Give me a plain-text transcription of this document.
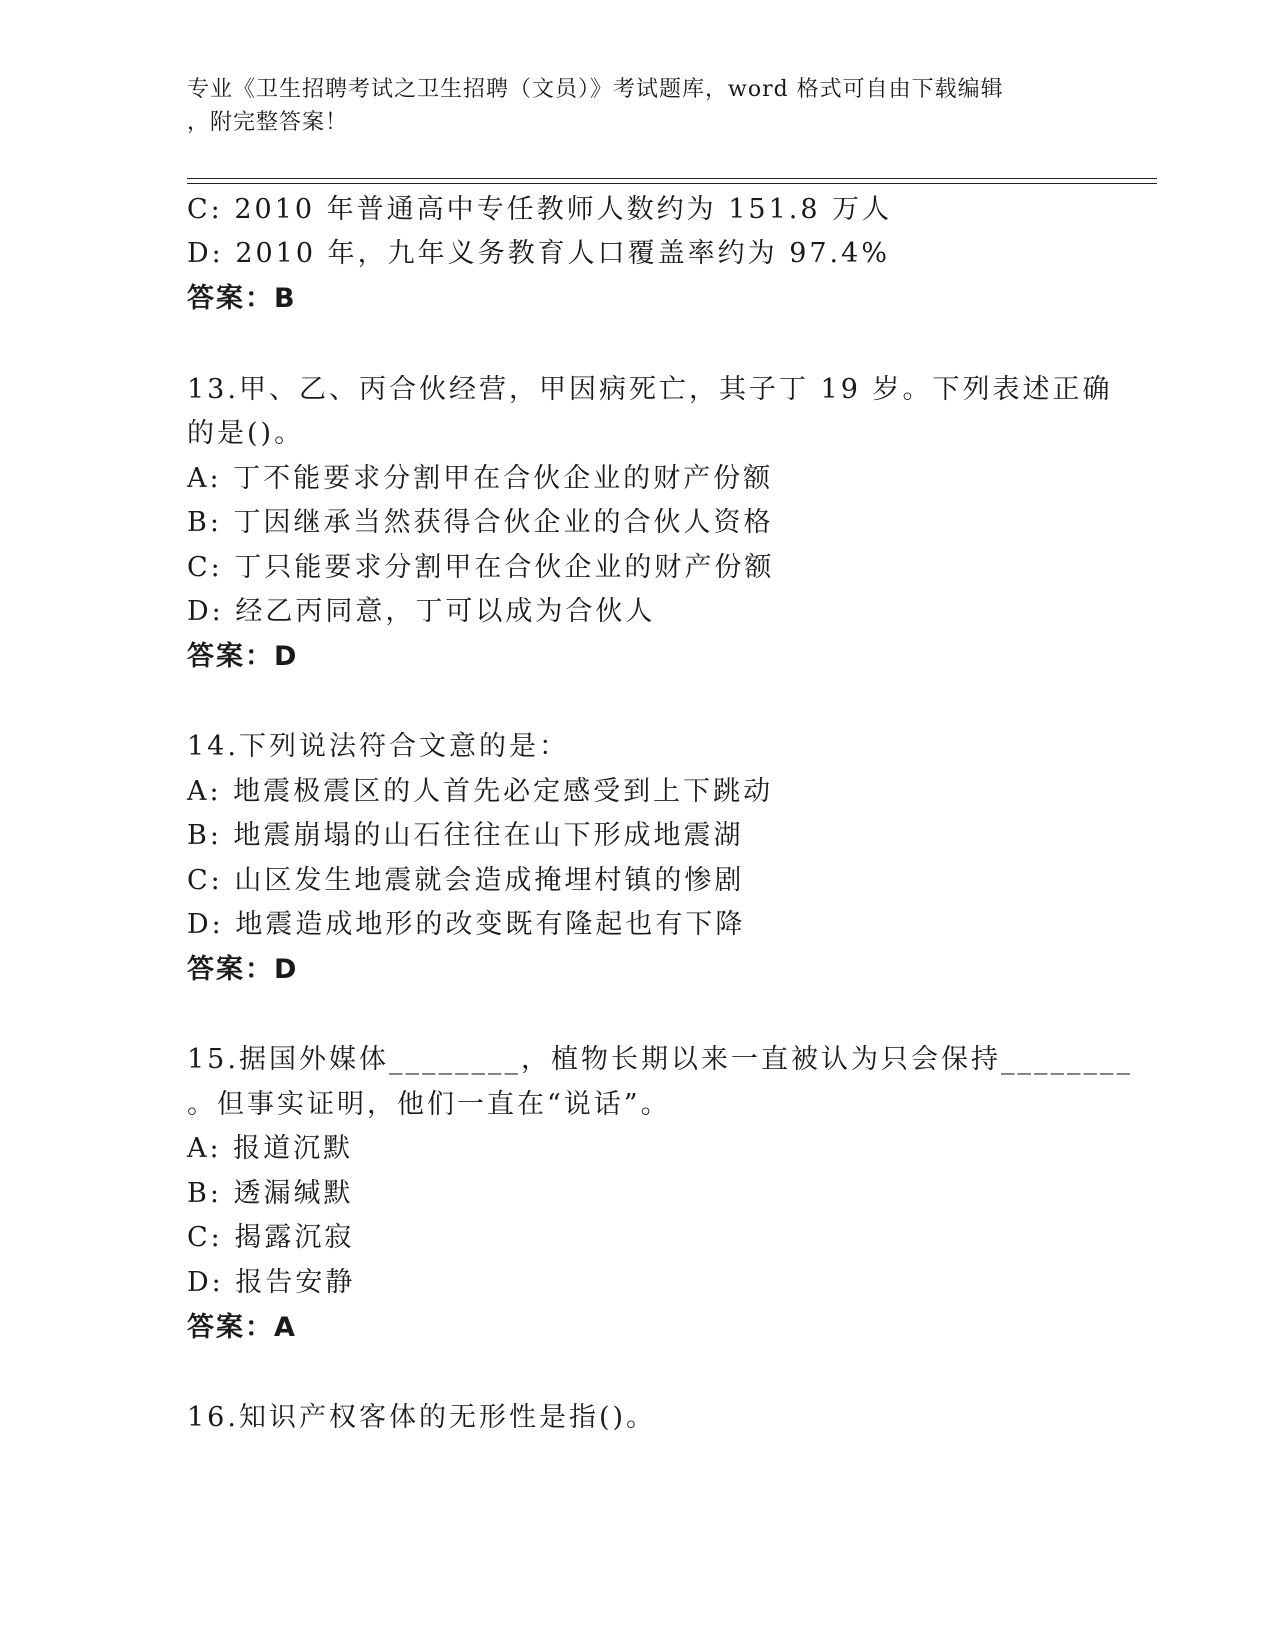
专业《卫生招聘考试之卫生招聘（文员）》考试题库，word 格式可自由下载编辑
，附完整答案！
C: 2010 年普通高中专任教师人数约为 151.8 万人
D: 2010 年，九年义务教育人口覆盖率约为 97.4%
答案：B
13.甲、乙、丙合伙经营，甲因病死亡，其子丁 19 岁。下列表述正确
的是()。
A: 丁不能要求分割甲在合伙企业的财产份额
B: 丁因继承当然获得合伙企业的合伙人资格
C: 丁只能要求分割甲在合伙企业的财产份额
D: 经乙丙同意，丁可以成为合伙人
答案：D
14.下列说法符合文意的是：
A: 地震极震区的人首先必定感受到上下跳动
B: 地震崩塌的山石往往在山下形成地震湖
C: 山区发生地震就会造成掩埋村镇的惨剧
D: 地震造成地形的改变既有隆起也有下降
答案：D
15.据国外媒体________，植物长期以来一直被认为只会保持________
。但事实证明，他们一直在“说话”。
A: 报道沉默
B: 透漏缄默
C: 揭露沉寂
D: 报告安静
答案：A
16.知识产权客体的无形性是指()。
